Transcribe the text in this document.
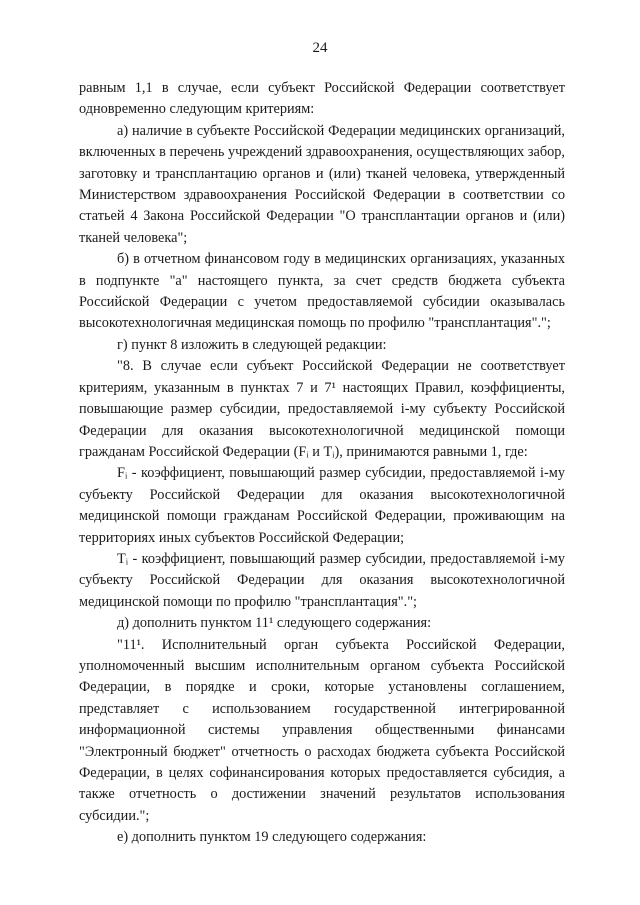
24

равным 1,1 в случае, если субъект Российской Федерации соответствует одновременно следующим критериям:

а) наличие в субъекте Российской Федерации медицинских организаций, включенных в перечень учреждений здравоохранения, осуществляющих забор, заготовку и трансплантацию органов и (или) тканей человека, утвержденный Министерством здравоохранения Российской Федерации в соответствии со статьей 4 Закона Российской Федерации "О трансплантации органов и (или) тканей человека";

б) в отчетном финансовом году в медицинских организациях, указанных в подпункте "а" настоящего пункта, за счет средств бюджета субъекта Российской Федерации с учетом предоставляемой субсидии оказывалась высокотехнологичная медицинская помощь по профилю "трансплантация".";

г) пункт 8 изложить в следующей редакции:

"8. В случае если субъект Российской Федерации не соответствует критериям, указанным в пунктах 7 и 7¹ настоящих Правил, коэффициенты, повышающие размер субсидии, предоставляемой i-му субъекту Российской Федерации для оказания высокотехнологичной медицинской помощи гражданам Российской Федерации (Fᵢ и Tᵢ), принимаются равными 1, где:

Fᵢ - коэффициент, повышающий размер субсидии, предоставляемой i-му субъекту Российской Федерации для оказания высокотехнологичной медицинской помощи гражданам Российской Федерации, проживающим на территориях иных субъектов Российской Федерации;

Tᵢ - коэффициент, повышающий размер субсидии, предоставляемой i-му субъекту Российской Федерации для оказания высокотехнологичной медицинской помощи по профилю "трансплантация".";

д) дополнить пунктом 11¹ следующего содержания:

"11¹. Исполнительный орган субъекта Российской Федерации, уполномоченный высшим исполнительным органом субъекта Российской Федерации, в порядке и сроки, которые установлены соглашением, представляет с использованием государственной интегрированной информационной системы управления общественными финансами "Электронный бюджет" отчетность о расходах бюджета субъекта Российской Федерации, в целях софинансирования которых предоставляется субсидия, а также отчетность о достижении значений результатов использования субсидии.";

е) дополнить пунктом 19 следующего содержания:
